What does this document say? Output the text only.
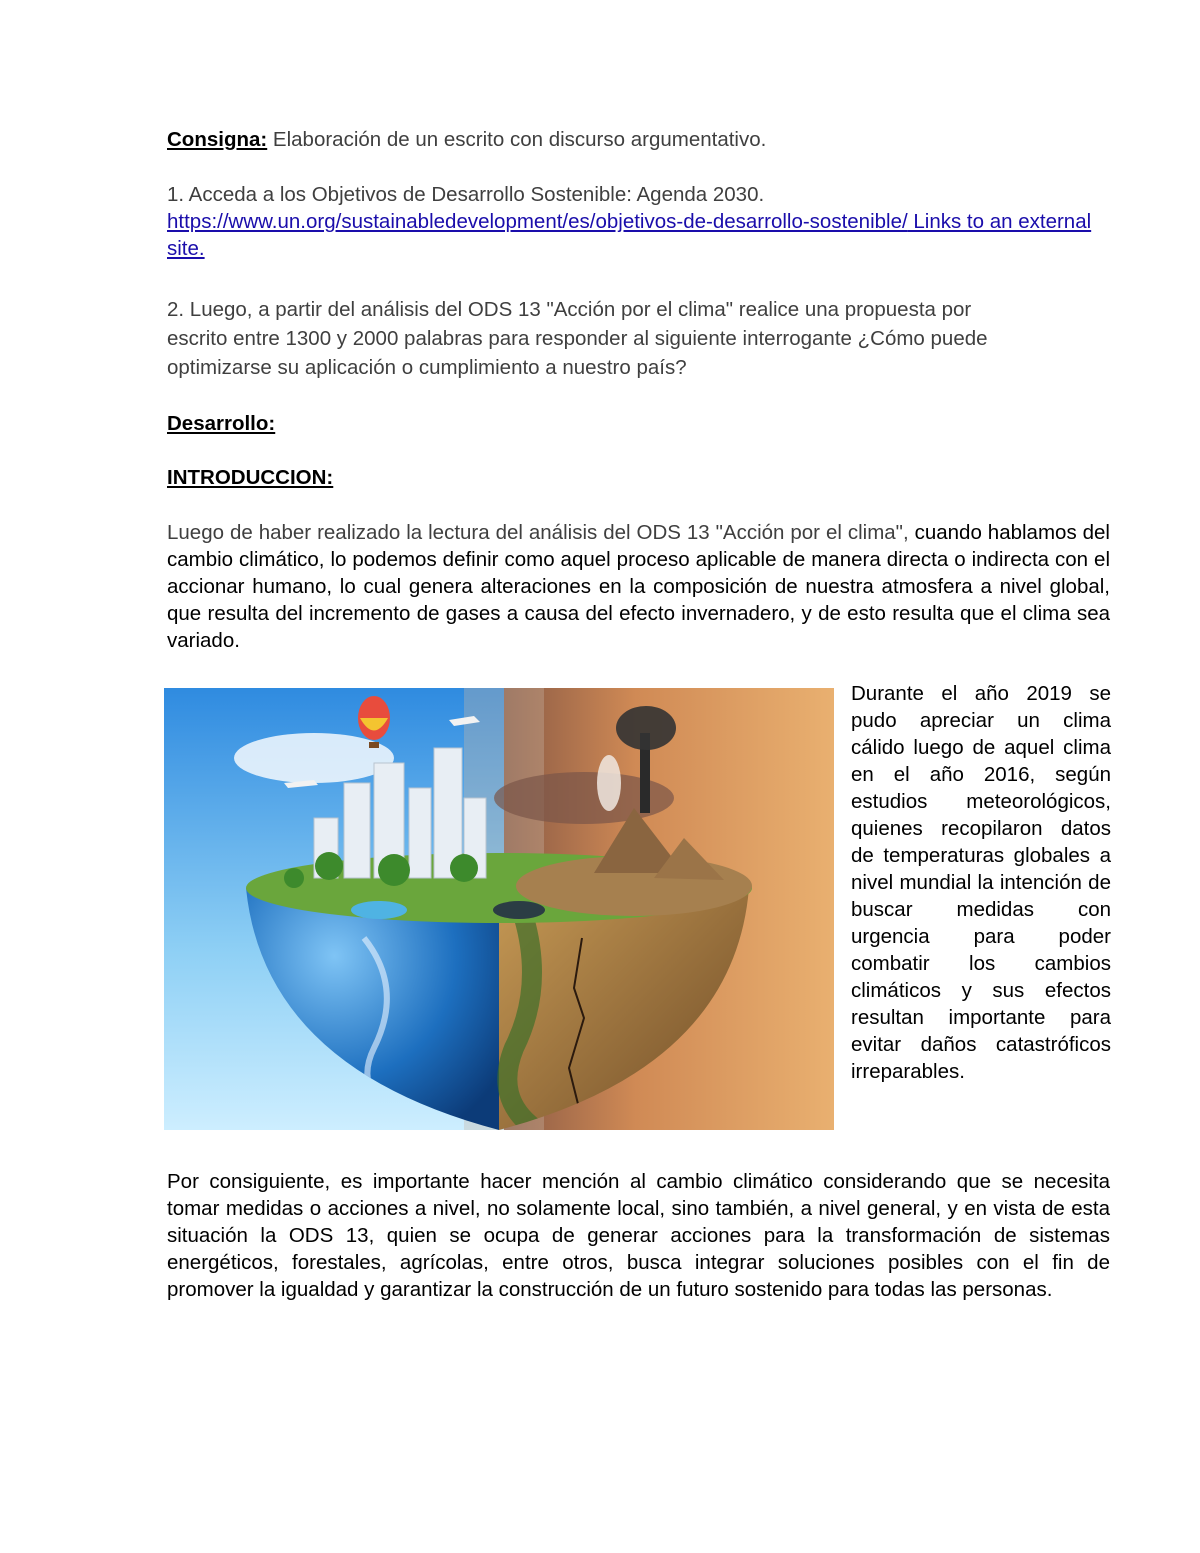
Consigna: Elaboración de un escrito con discurso argumentativo.

1. Acceda a los Objetivos de Desarrollo Sostenible: Agenda 2030.

https://www.un.org/sustainabledevelopment/es/objetivos-de-desarrollo-sostenible/ Links to an external site.

2. Luego, a partir del análisis del ODS 13 "Acción por el clima" realice una propuesta por

escrito entre 1300 y 2000 palabras para responder al siguiente interrogante ¿Cómo puede

optimizarse su aplicación o cumplimiento a nuestro país?

Desarrollo:

INTRODUCCION:

Luego de haber realizado la lectura del análisis del ODS 13 "Acción por el clima", cuando hablamos del cambio climático, lo podemos definir como aquel proceso aplicable de manera directa o indirecta con el accionar humano, lo cual genera alteraciones en la composición de nuestra atmosfera a nivel global, que resulta del incremento de gases a causa del efecto invernadero, y de esto resulta que el clima sea variado.

Durante el año 2019 se pudo apreciar un clima cálido luego de aquel clima en el año 2016, según estudios meteorológicos, quienes recopilaron datos de temperaturas globales a nivel mundial la intención de buscar medidas con urgencia para poder combatir los cambios climáticos y sus efectos resultan importante para evitar daños catastróficos irreparables.

Por consiguiente, es importante hacer mención al cambio climático considerando que se necesita tomar medidas o acciones a nivel, no solamente local, sino también, a nivel general, y en vista de esta situación la ODS 13, quien se ocupa de generar acciones para la transformación de sistemas energéticos, forestales, agrícolas, entre otros, busca integrar soluciones posibles con el fin de promover la igualdad y garantizar la construcción de un futuro sostenido para todas las personas.
